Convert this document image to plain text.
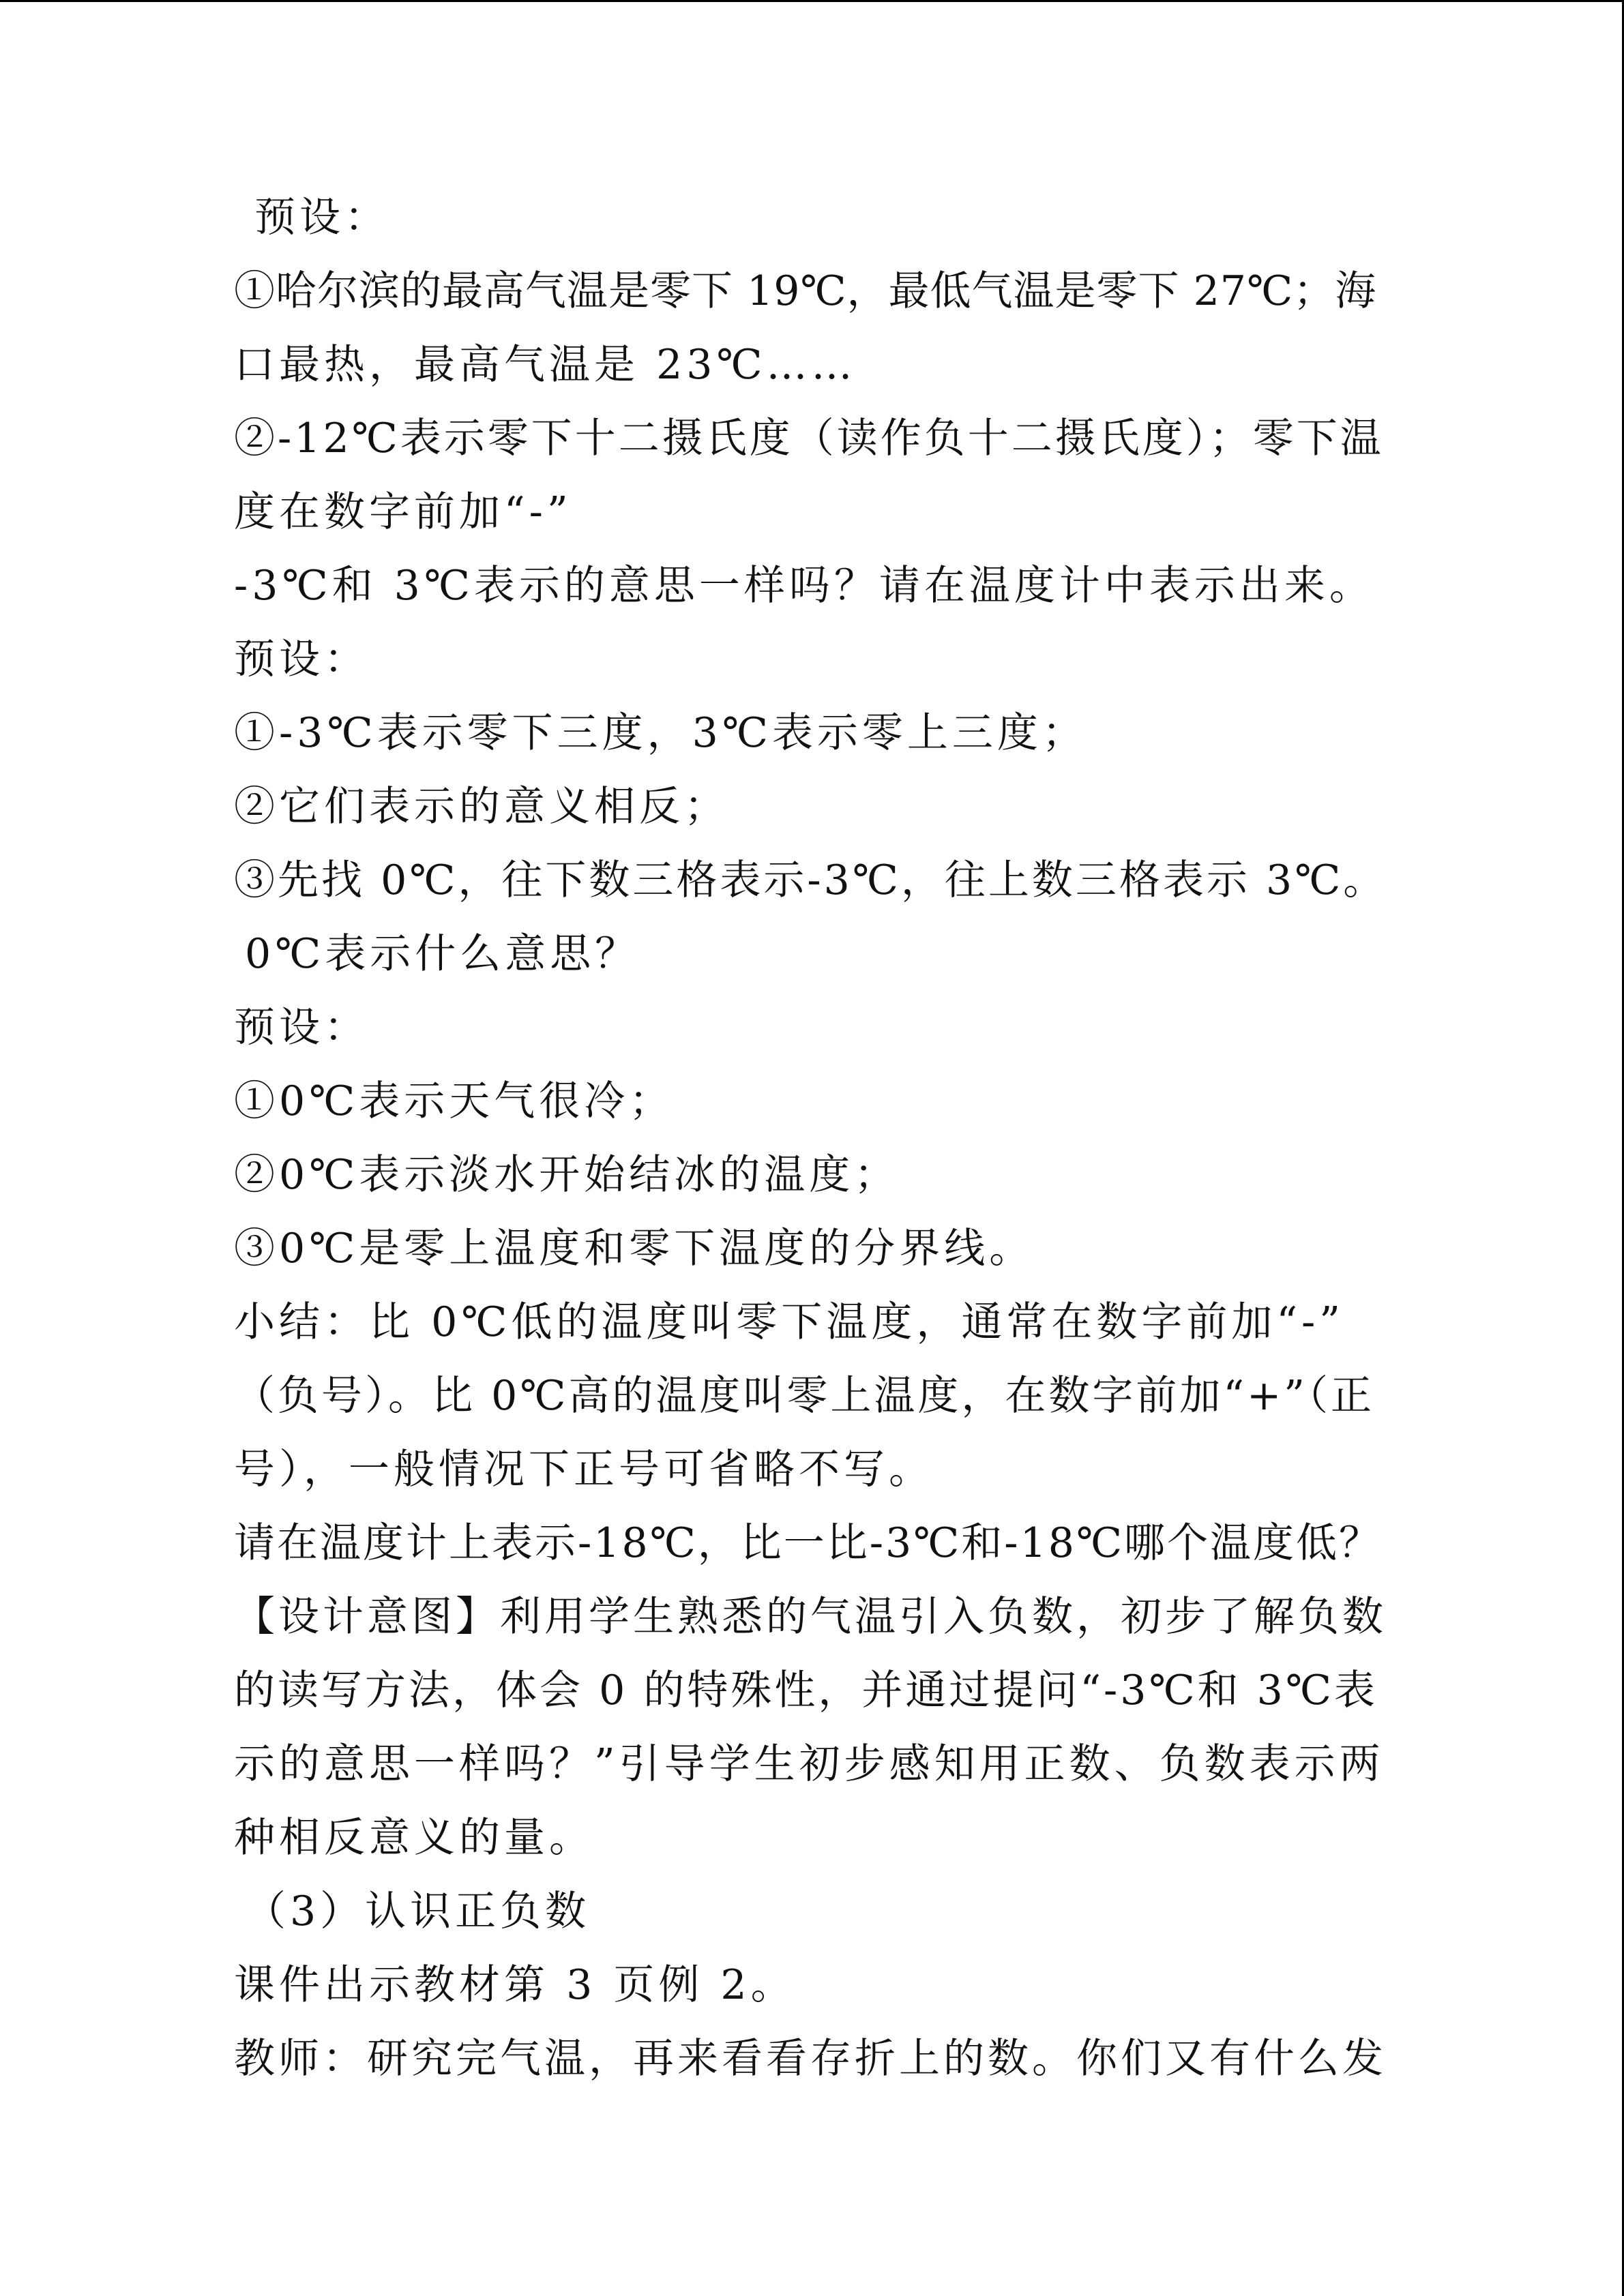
预设：
①哈尔滨的最高气温是零下 19℃，最低气温是零下 27℃；海
口最热，最高气温是 23℃……
②-12℃表示零下十二摄氏度（读作负十二摄氏度）；零下温
度在数字前加“-”
-3℃和 3℃表示的意思一样吗？请在温度计中表示出来。
预设：
①-3℃表示零下三度，3℃表示零上三度；
②它们表示的意义相反；
③先找 0℃，往下数三格表示-3℃，往上数三格表示 3℃。
0℃表示什么意思？
预设：
①0℃表示天气很冷；
②0℃表示淡水开始结冰的温度；
③0℃是零上温度和零下温度的分界线。
小结：比 0℃低的温度叫零下温度，通常在数字前加“-”
（负号）。比 0℃高的温度叫零上温度，在数字前加“+”（正
号），一般情况下正号可省略不写。
请在温度计上表示-18℃，比一比-3℃和-18℃哪个温度低？
【设计意图】利用学生熟悉的气温引入负数，初步了解负数
的读写方法，体会 0 的特殊性，并通过提问“-3℃和 3℃表
示的意思一样吗？”引导学生初步感知用正数、负数表示两
种相反意义的量。
（3）认识正负数
课件出示教材第 3 页例 2。
教师：研究完气温，再来看看存折上的数。你们又有什么发
